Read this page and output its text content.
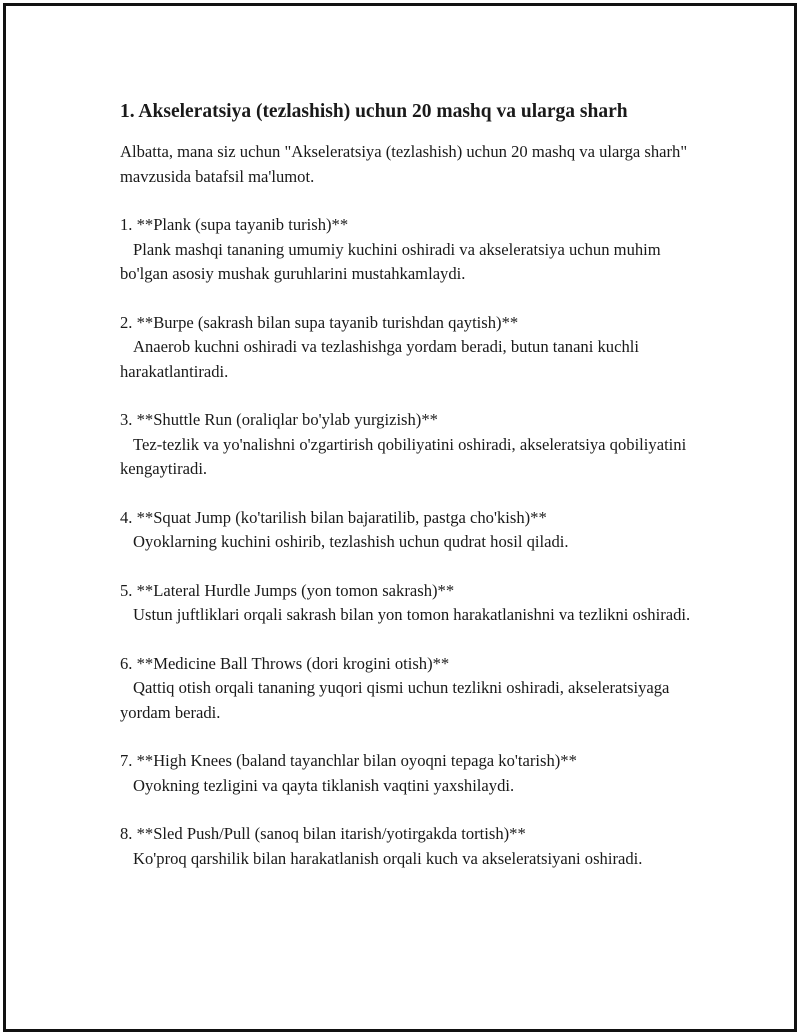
1. Akseleratsiya (tezlashish) uchun 20 mashq va ularga sharh
Albatta, mana siz uchun "Akseleratsiya (tezlashish) uchun 20 mashq va ularga sharh" mavzusida batafsil ma'lumot.
1. **Plank (supa tayanib turish)**
Plank mashqi tananing umumiy kuchini oshiradi va akseleratsiya uchun muhim bo'lgan asosiy mushak guruhlarini mustahkamlaydi.
2. **Burpe (sakrash bilan supa tayanib turishdan qaytish)**
Anaerob kuchni oshiradi va tezlashishga yordam beradi, butun tanani kuchli harakatlantiradi.
3. **Shuttle Run (oraliqlar bo'ylab yurgizish)**
Tez-tezlik va yo'nalishni o'zgartirish qobiliyatini oshiradi, akseleratsiya qobiliyatini kengaytiradi.
4. **Squat Jump (ko'tarilish bilan bajaratilib, pastga cho'kish)**
Oyoklarning kuchini oshirib, tezlashish uchun qudrat hosil qiladi.
5. **Lateral Hurdle Jumps (yon tomon sakrash)**
Ustun juftliklari orqali sakrash bilan yon tomon harakatlanishni va tezlikni oshiradi.
6. **Medicine Ball Throws (dori krogini otish)**
Qattiq otish orqali tananing yuqori qismi uchun tezlikni oshiradi, akseleratsiyaga yordam beradi.
7. **High Knees (baland tayanchlar bilan oyoqni tepaga ko'tarish)**
Oyokning tezligini va qayta tiklanish vaqtini yaxshilaydi.
8. **Sled Push/Pull (sanoq bilan itarish/yotirgakda tortish)**
Ko'proq qarshilik bilan harakatlanish orqali kuch va akseleratsiyani oshiradi.
